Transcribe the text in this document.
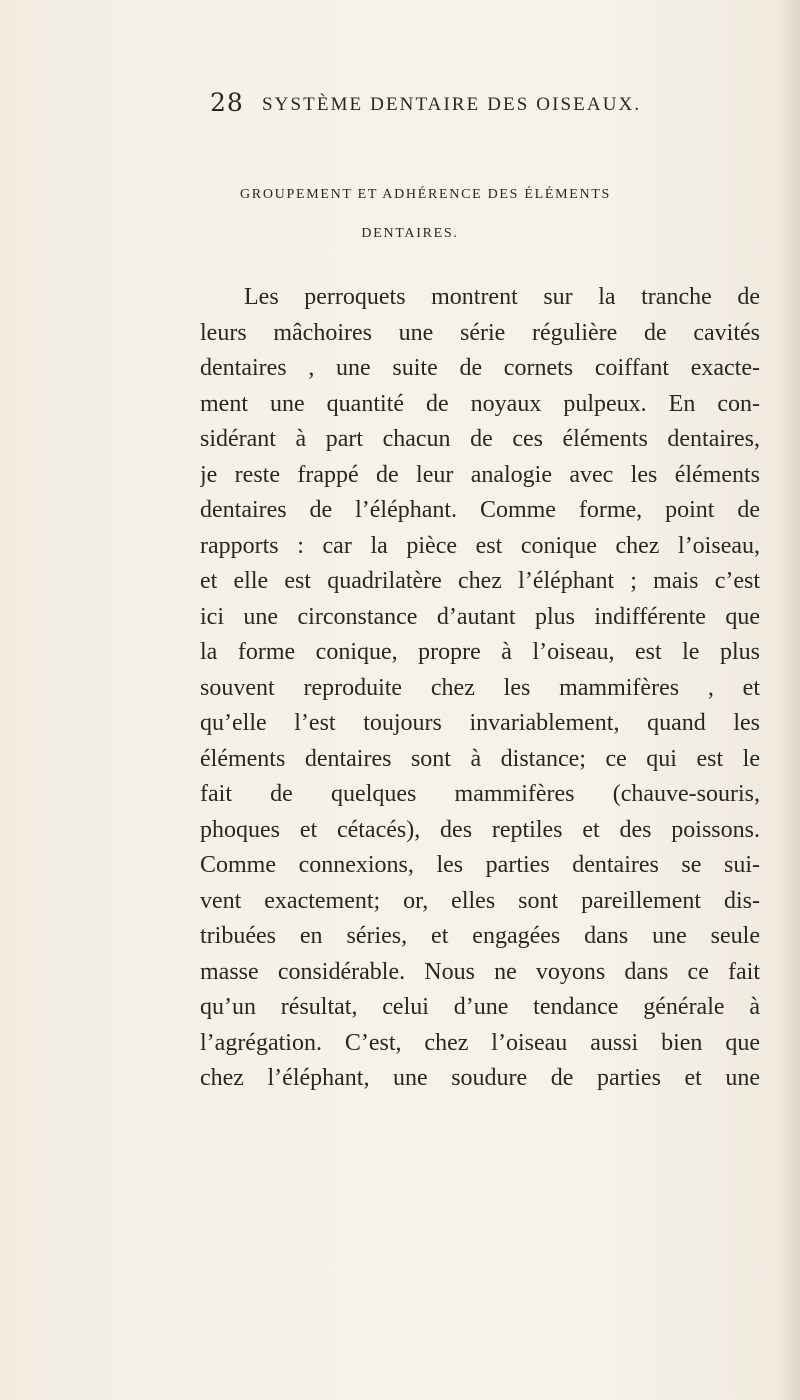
28 SYSTÈME DENTAIRE DES OISEAUX.
GROUPEMENT ET ADHÉRENCE DES ÉLÉMENTS
DENTAIRES.
Les perroquets montrent sur la tranche de
leurs mâchoires une série régulière de cavités
dentaires , une suite de cornets coiffant exacte-
ment une quantité de noyaux pulpeux. En con-
sidérant à part chacun de ces éléments dentaires,
je reste frappé de leur analogie avec les éléments
dentaires de l’éléphant. Comme forme, point de
rapports : car la pièce est conique chez l’oiseau,
et elle est quadrilatère chez l’éléphant ; mais c’est
ici une circonstance d’autant plus indifférente que
la forme conique, propre à l’oiseau, est le plus
souvent reproduite chez les mammifères , et
qu’elle l’est toujours invariablement, quand les
éléments dentaires sont à distance; ce qui est le
fait de quelques mammifères (chauve-souris,
phoques et cétacés), des reptiles et des poissons.
Comme connexions, les parties dentaires se sui-
vent exactement; or, elles sont pareillement dis-
tribuées en séries, et engagées dans une seule
masse considérable. Nous ne voyons dans ce fait
qu’un résultat, celui d’une tendance générale à
l’agrégation. C’est, chez l’oiseau aussi bien que
chez l’éléphant, une soudure de parties et une
